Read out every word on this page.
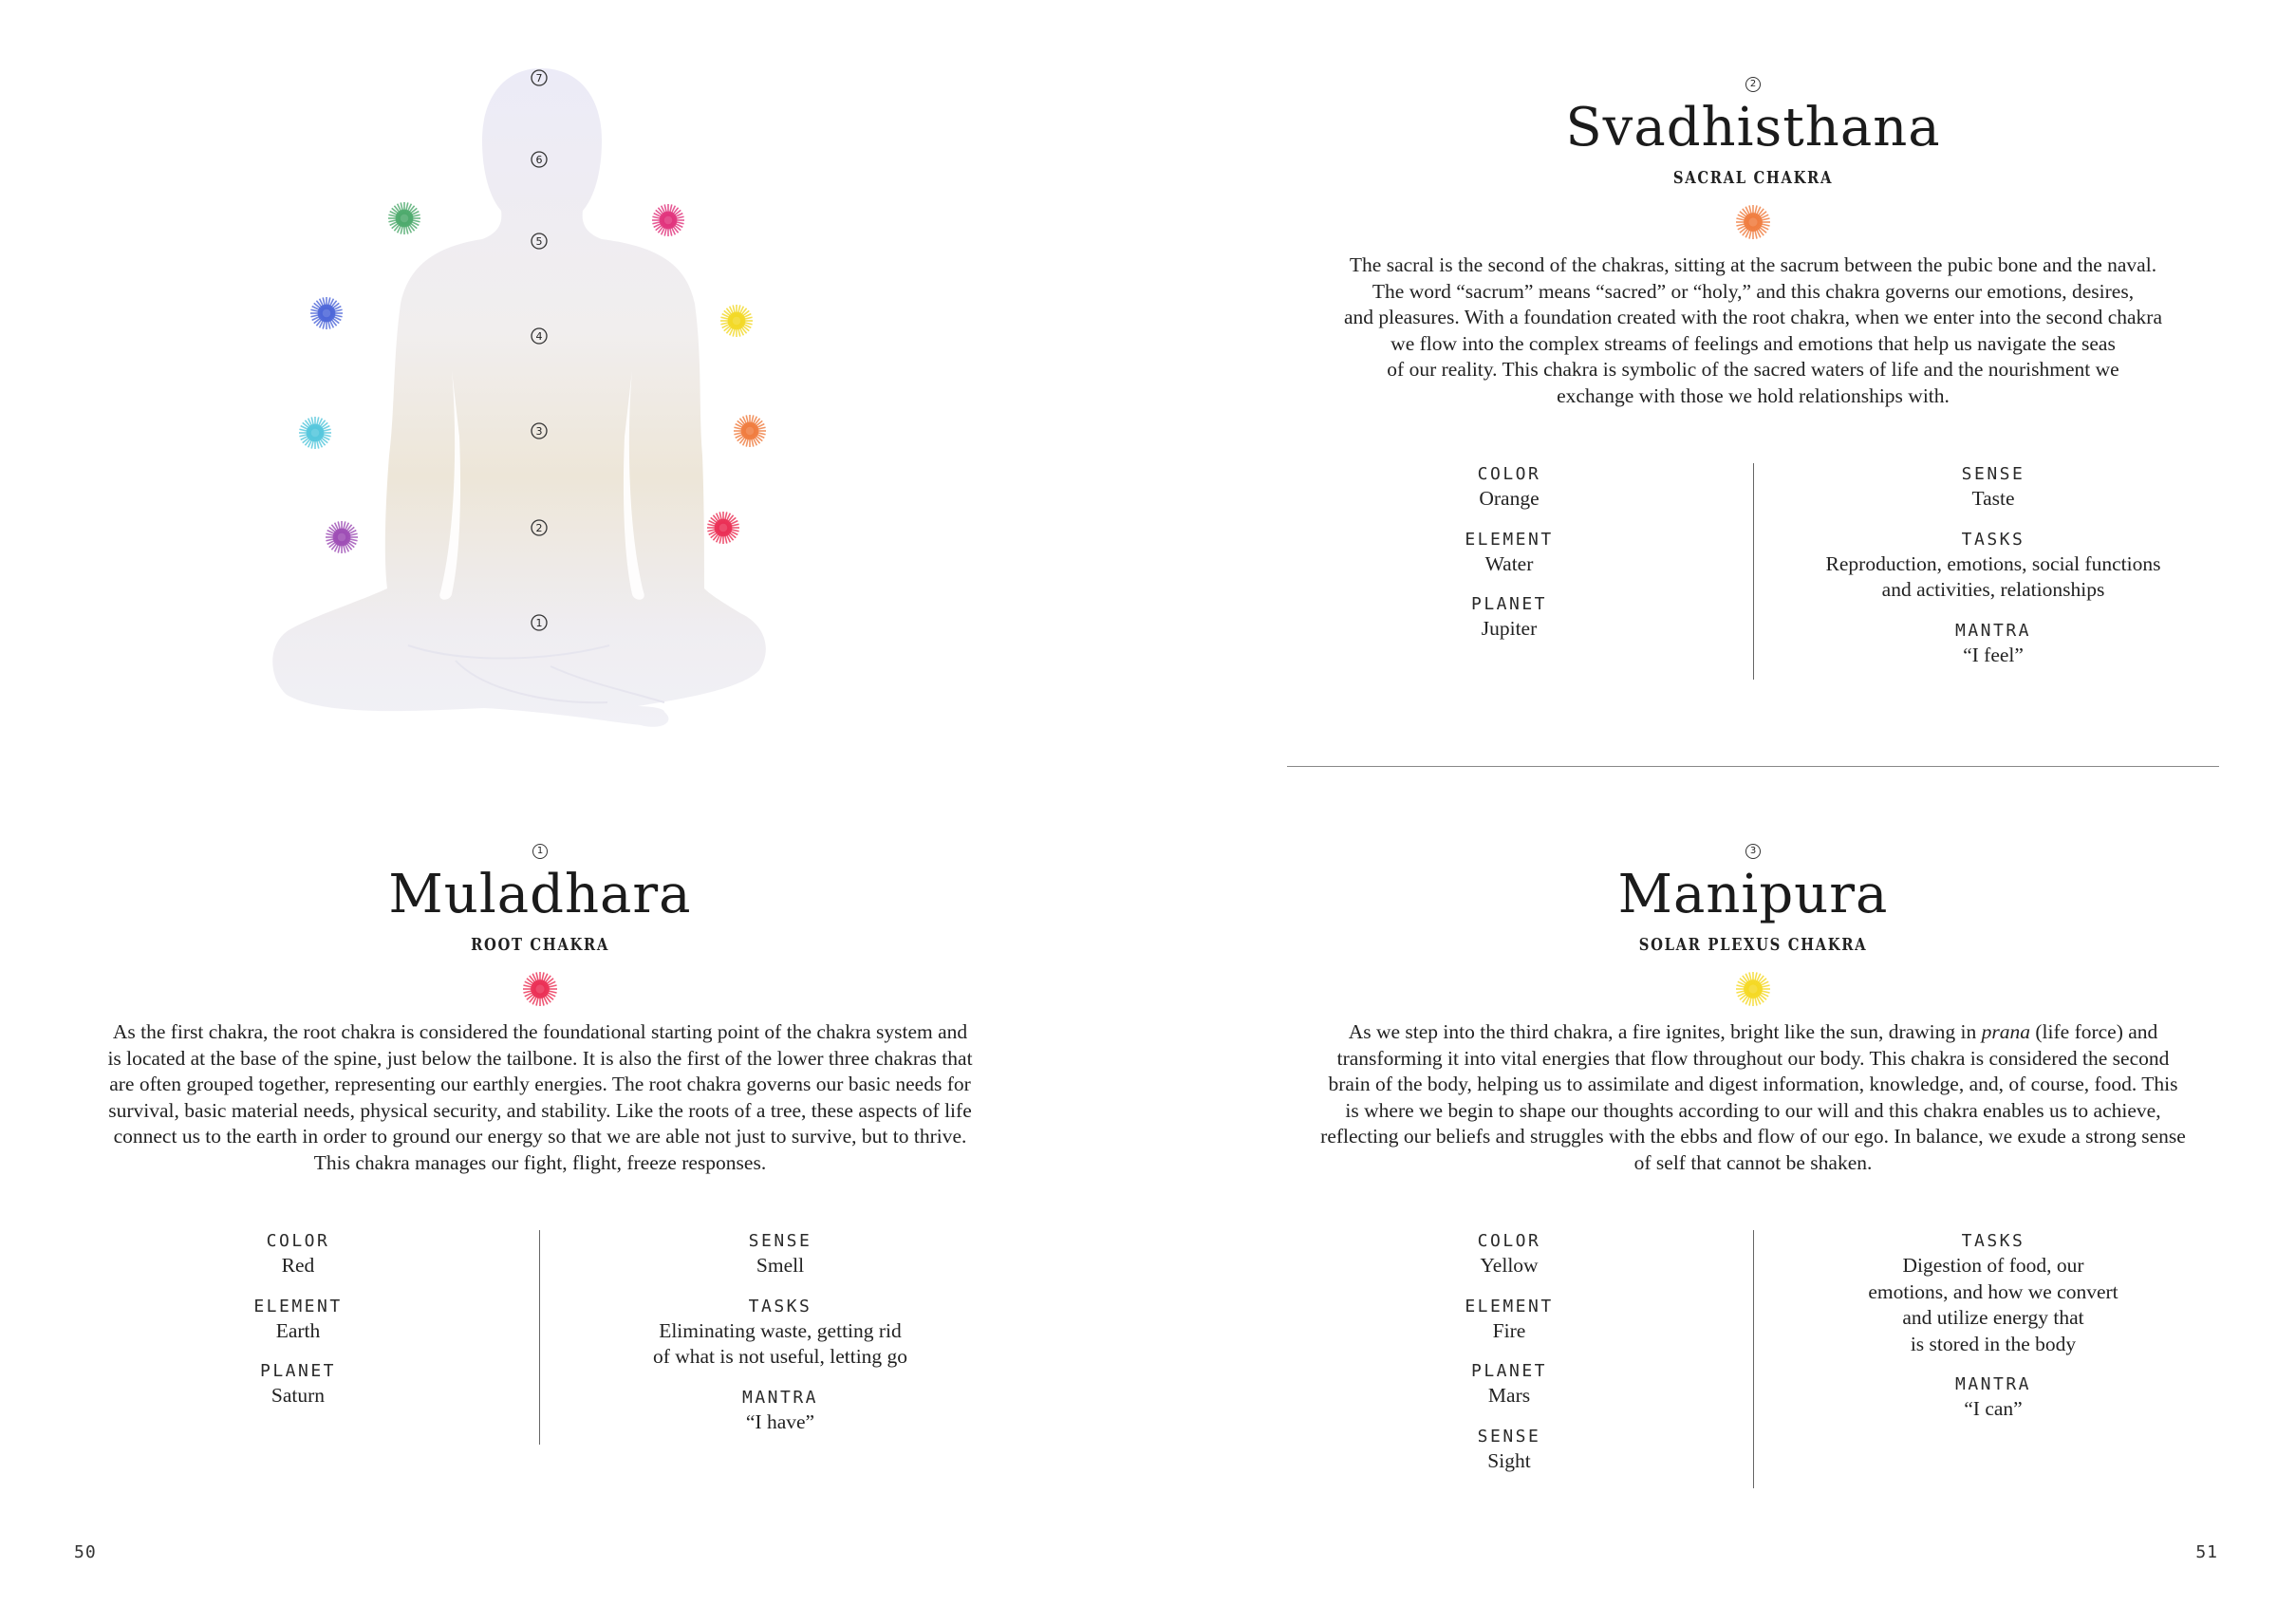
7
6
5
4
3
2
1
2
Svadhisthana
SACRAL CHAKRA
The sacral is the second of the chakras, sitting at the sacrum between the pubic bone and the naval.
The word “sacrum” means “sacred” or “holy,” and this chakra governs our emotions, desires,
and pleasures. With a foundation created with the root chakra, when we enter into the second chakra
we flow into the complex streams of feelings and emotions that help us navigate the seas
of our reality. This chakra is symbolic of the sacred waters of life and the nourishment we
exchange with those we hold relationships with.
COLOR
Orange
ELEMENT
Water
PLANET
Jupiter
SENSE
Taste
TASKS
Reproduction, emotions, social functions
and activities, relationships
MANTRA
“I feel”
1
Muladhara
ROOT CHAKRA
As the first chakra, the root chakra is considered the foundational starting point of the chakra system and
is located at the base of the spine, just below the tailbone. It is also the first of the lower three chakras that
are often grouped together, representing our earthly energies. The root chakra governs our basic needs for
survival, basic material needs, physical security, and stability. Like the roots of a tree, these aspects of life
connect us to the earth in order to ground our energy so that we are able not just to survive, but to thrive.
This chakra manages our fight, flight, freeze responses.
COLOR
Red
ELEMENT
Earth
PLANET
Saturn
SENSE
Smell
TASKS
Eliminating waste, getting rid
of what is not useful, letting go
MANTRA
“I have”
3
Manipura
SOLAR PLEXUS CHAKRA
As we step into the third chakra, a fire ignites, bright like the sun, drawing in prana (life force) and
transforming it into vital energies that flow throughout our body. This chakra is considered the second
brain of the body, helping us to assimilate and digest information, knowledge, and, of course, food. This
is where we begin to shape our thoughts according to our will and this chakra enables us to achieve,
reflecting our beliefs and struggles with the ebbs and flow of our ego. In balance, we exude a strong sense
of self that cannot be shaken.
COLOR
Yellow
ELEMENT
Fire
PLANET
Mars
SENSE
Sight
TASKS
Digestion of food, our
emotions, and how we convert
and utilize energy that
is stored in the body
MANTRA
“I can”
50	51
